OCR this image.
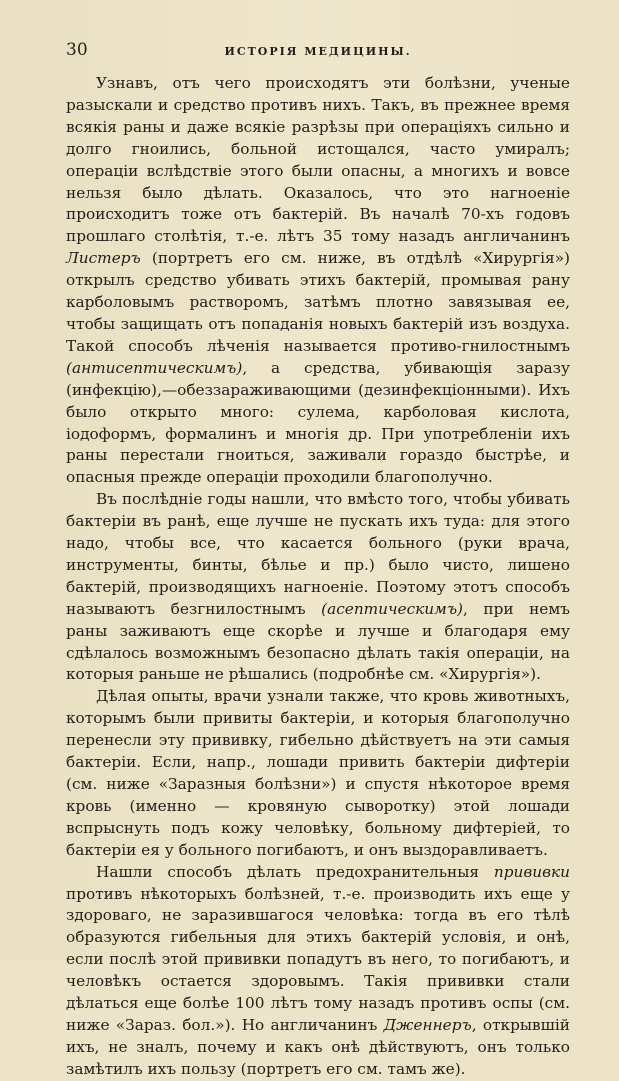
30	ИСТОРІЯ МЕДИЦИНЫ.

Узнавъ, отъ чего происходятъ эти болѣзни, ученые разыскали и средство противъ нихъ. Такъ, въ прежнее время всякія раны и даже всякіе разрѣзы при операціяхъ сильно и долго гноились, больной истощался, часто умиралъ; операціи вслѣдствіе этого были опасны, а многихъ и вовсе нельзя было дѣлать. Оказалось, что это нагноеніе происходитъ тоже отъ бактерій. Въ началѣ 70-хъ годовъ прошлаго столѣтія, т.-е. лѣтъ 35 тому назадъ англичанинъ Листеръ (портретъ его см. ниже, въ отдѣлѣ «Хирургія») открылъ средство убивать этихъ бактерій, промывая рану карболовымъ растворомъ, затѣмъ плотно завязывая ее, чтобы защищать отъ попаданія новыхъ бактерій изъ воздуха. Такой способъ лѣченія называется противо-гнилостнымъ (антисептическимъ), а средства, убивающія заразу (инфекцію),—обеззараживающими (дезинфекціонными). Ихъ было открыто много: сулема, карболовая кислота, іодоформъ, формалинъ и многія др. При употребленіи ихъ раны перестали гноиться, заживали гораздо быстрѣе, и опасныя прежде операціи проходили благополучно.

Въ послѣдніе годы нашли, что вмѣсто того, чтобы убивать бактеріи въ ранѣ, еще лучше не пускать ихъ туда: для этого надо, чтобы все, что касается больного (руки врача, инструменты, бинты, бѣлье и пр.) было чисто, лишено бактерій, производящихъ нагноеніе. Поэтому этотъ способъ называютъ безгнилостнымъ (асептическимъ), при немъ раны заживаютъ еще скорѣе и лучше и благодаря ему сдѣлалось возможнымъ безопасно дѣлать такія операціи, на которыя раньше не рѣшались (подробнѣе см. «Хирургія»).

Дѣлая опыты, врачи узнали также, что кровь животныхъ, которымъ были привиты бактеріи, и которыя благополучно перенесли эту прививку, гибельно дѣйствуетъ на эти самыя бактеріи. Если, напр., лошади привить бактеріи дифтеріи (см. ниже «Заразныя болѣзни») и спустя нѣкоторое время кровь (именно — кровяную сыворотку) этой лошади вспрыснуть подъ кожу человѣку, больному дифтеріей, то бактеріи ея у больного погибаютъ, и онъ выздоравливаетъ.

Нашли способъ дѣлать предохранительныя прививки противъ нѣкоторыхъ болѣзней, т.-е. производить ихъ еще у здороваго, не заразившагося человѣка: тогда въ его тѣлѣ образуются гибельныя для этихъ бактерій условія, и онѣ, если послѣ этой прививки попадутъ въ него, то погибаютъ, и человѣкъ остается здоровымъ. Такія прививки стали дѣлаться еще болѣе 100 лѣтъ тому назадъ противъ оспы (см. ниже «Зараз. бол.»). Но англичанинъ Дженнеръ, открывшій ихъ, не зналъ, почему и какъ онѣ дѣйствуютъ, онъ только замѣтилъ ихъ пользу (портретъ его см. тамъ же).
